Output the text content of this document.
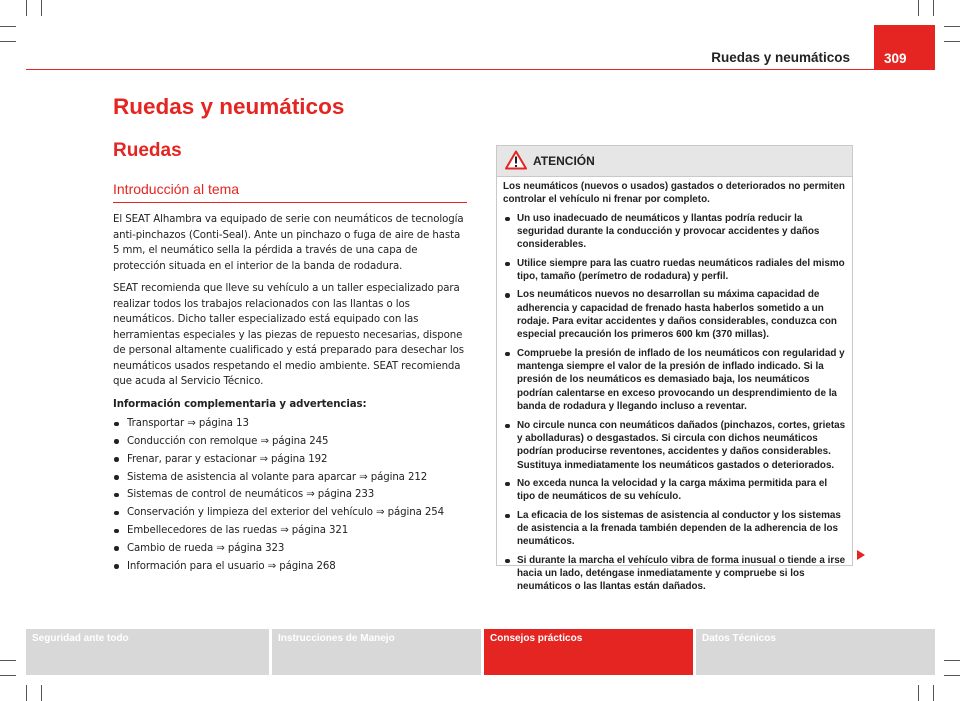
Ruedas y neumáticos	309
Ruedas y neumáticos
Ruedas
Introducción al tema

El SEAT Alhambra va equipado de serie con neumáticos de tecnología anti-pinchazos (Conti-Seal). Ante un pinchazo o fuga de aire de hasta 5 mm, el neumático sella la pérdida a través de una capa de protección situada en el interior de la banda de rodadura.

SEAT recomienda que lleve su vehículo a un taller especializado para realizar todos los trabajos relacionados con las llantas o los neumáticos. Dicho taller especializado está equipado con las herramientas especiales y las piezas de repuesto necesarias, dispone de personal altamente cualificado y está preparado para desechar los neumáticos usados respetando el medio ambiente. SEAT recomienda que acuda al Servicio Técnico.

Información complementaria y advertencias:

Transportar ⇒ página 13
Conducción con remolque ⇒ página 245
Frenar, parar y estacionar ⇒ página 192
Sistema de asistencia al volante para aparcar ⇒ página 212
Sistemas de control de neumáticos ⇒ página 233
Conservación y limpieza del exterior del vehículo ⇒ página 254
Embellecedores de las ruedas ⇒ página 321
Cambio de rueda ⇒ página 323
Información para el usuario ⇒ página 268
ATENCIÓN

Los neumáticos (nuevos o usados) gastados o deteriorados no permiten controlar el vehículo ni frenar por completo.

Un uso inadecuado de neumáticos y llantas podría reducir la seguridad durante la conducción y provocar accidentes y daños considerables.

Utilice siempre para las cuatro ruedas neumáticos radiales del mismo tipo, tamaño (perímetro de rodadura) y perfil.

Los neumáticos nuevos no desarrollan su máxima capacidad de adherencia y capacidad de frenado hasta haberlos sometido a un rodaje. Para evitar accidentes y daños considerables, conduzca con especial precaución los primeros 600 km (370 millas).

Compruebe la presión de inflado de los neumáticos con regularidad y mantenga siempre el valor de la presión de inflado indicado. Si la presión de los neumáticos es demasiado baja, los neumáticos podrían calentarse en exceso provocando un desprendimiento de la banda de rodadura y llegando incluso a reventar.

No circule nunca con neumáticos dañados (pinchazos, cortes, grietas y abolladuras) o desgastados. Si circula con dichos neumáticos podrían producirse reventones, accidentes y daños considerables. Sustituya inmediatamente los neumáticos gastados o deteriorados.

No exceda nunca la velocidad y la carga máxima permitida para el tipo de neumáticos de su vehículo.

La eficacia de los sistemas de asistencia al conductor y los sistemas de asistencia a la frenada también dependen de la adherencia de los neumáticos.

Si durante la marcha el vehículo vibra de forma inusual o tiende a irse hacia un lado, deténgase inmediatamente y compruebe si los neumáticos o las llantas están dañados.

Seguridad ante todo	Instrucciones de Manejo	Consejos prácticos	Datos Técnicos
